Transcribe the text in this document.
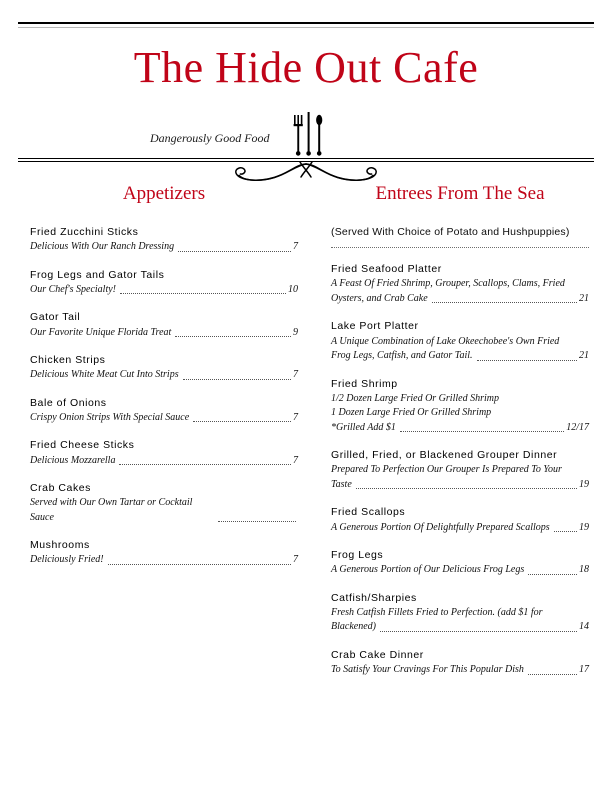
The Hide Out Cafe
Dangerously Good Food
Appetizers
Fried Zucchini Sticks
Delicious With Our Ranch Dressing	7
Frog Legs and Gator Tails
Our Chef's Specialty!	10
Gator Tail
Our Favorite Unique Florida Treat	9
Chicken Strips
Delicious White Meat Cut Into Strips	7
Bale of Onions
Crispy Onion Strips With Special Sauce	7
Fried Cheese Sticks
Delicious Mozzarella	7
Crab Cakes
Served with Our Own Tartar or Cocktail Sauce
Mushrooms
Deliciously Fried!	7
Entrees From The Sea
(Served With Choice of Potato and Hushpuppies)
Fried Seafood Platter
A Feast Of Fried Shrimp, Grouper, Scallops, Clams, Fried
Oysters, and Crab Cake	21
Lake Port Platter
A Unique Combination of Lake Okeechobee's Own Fried
Frog Legs, Catfish, and Gator Tail.	21
Fried Shrimp
1/2 Dozen Large Fried Or Grilled Shrimp
1 Dozen Large Fried Or Grilled Shrimp
*Grilled Add $1	12/17
Grilled, Fried, or Blackened Grouper Dinner
Prepared To Perfection Our Grouper Is Prepared To Your
Taste	19
Fried Scallops
A Generous Portion Of Delightfully Prepared Scallops	19
Frog Legs
A Generous Portion of Our Delicious Frog Legs	18
Catfish/Sharpies
Fresh Catfish Fillets Fried to Perfection. (add $1 for
Blackened)	14
Crab Cake Dinner
To Satisfy Your Cravings For This Popular Dish	17
